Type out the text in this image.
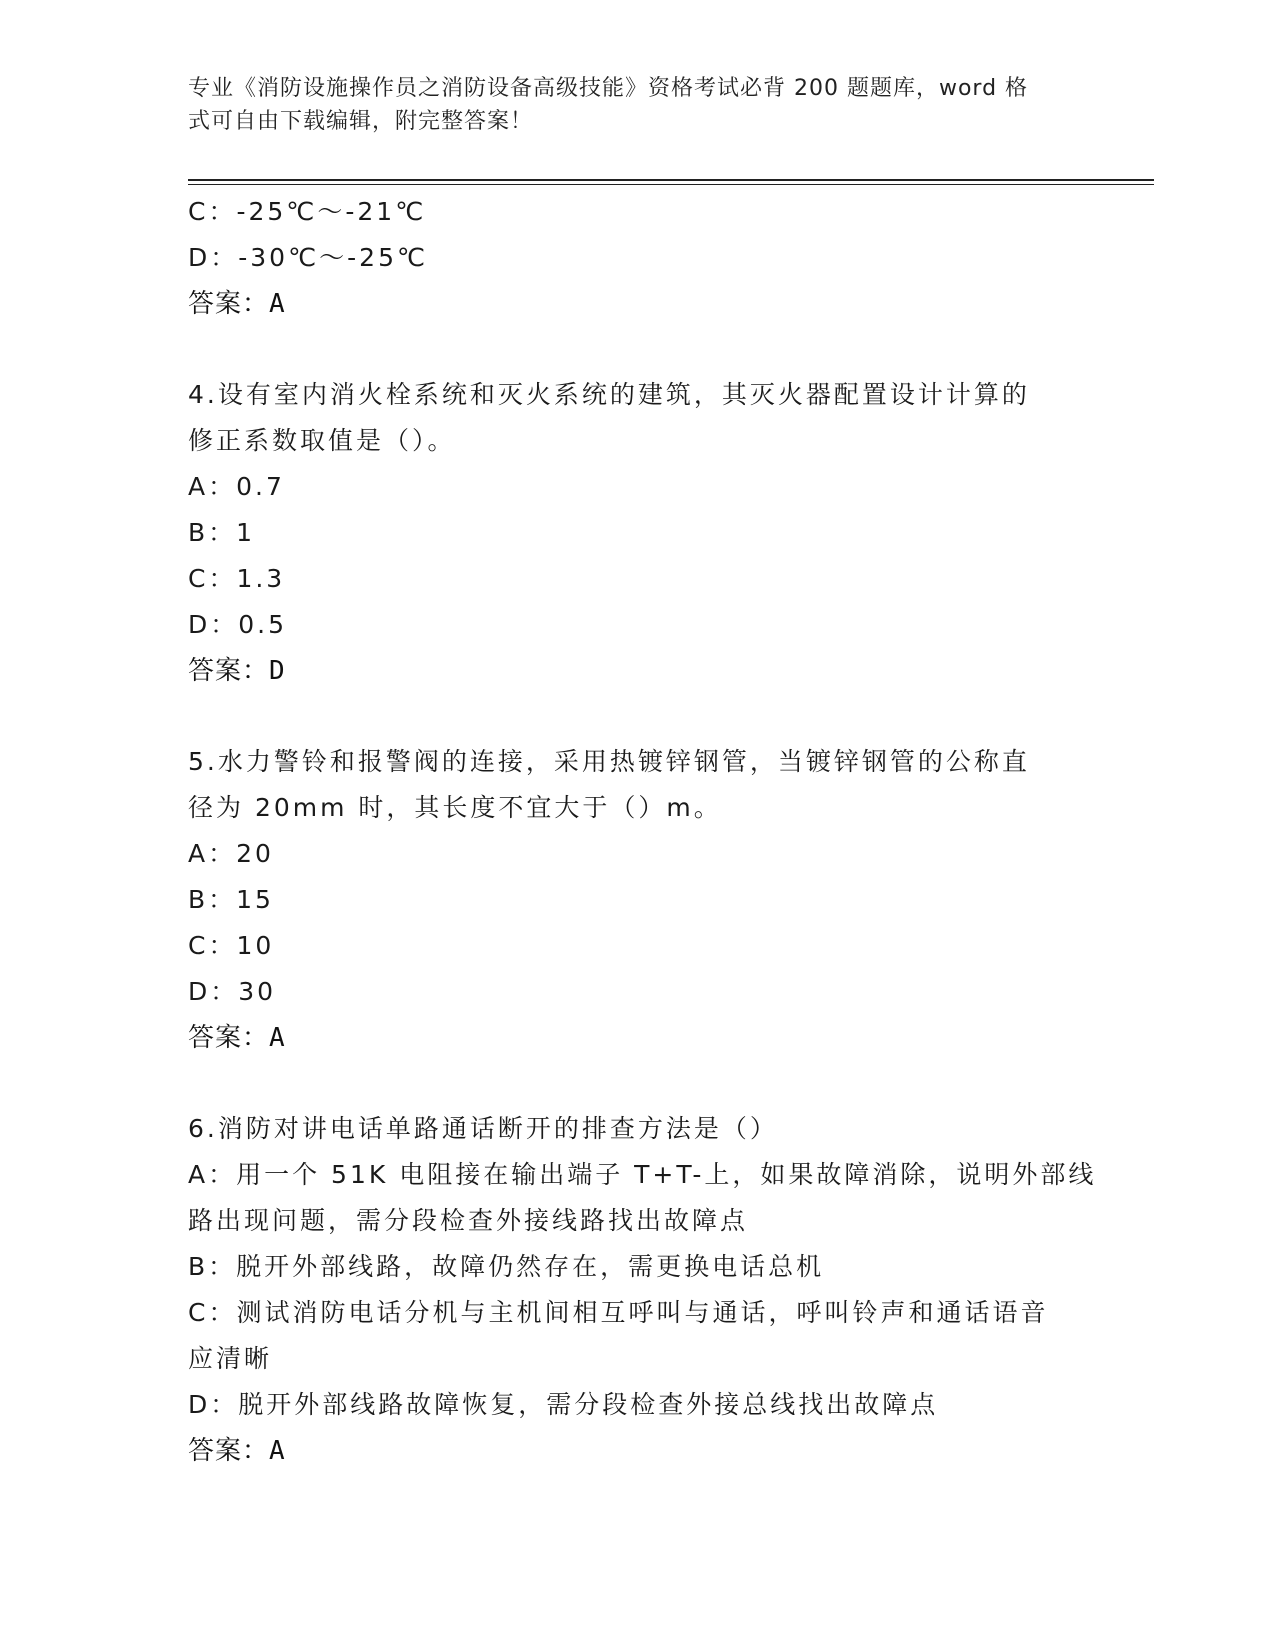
专业《消防设施操作员之消防设备高级技能》资格考试必背 200 题题库，word 格
式可自由下载编辑，附完整答案！
C：-25℃～-21℃
D：-30℃～-25℃
答案：A
4.设有室内消火栓系统和灭火系统的建筑，其灭火器配置设计计算的
修正系数取值是（）。
A：0.7
B：1
C：1.3
D：0.5
答案：D
5.水力警铃和报警阀的连接，采用热镀锌钢管，当镀锌钢管的公称直
径为 20mm 时，其长度不宜大于（）m。
A：20
B：15
C：10
D：30
答案：A
6.消防对讲电话单路通话断开的排查方法是（）
A：用一个 51K 电阻接在输出端子 T+T-上，如果故障消除，说明外部线
路出现问题，需分段检查外接线路找出故障点
B：脱开外部线路，故障仍然存在，需更换电话总机
C：测试消防电话分机与主机间相互呼叫与通话，呼叫铃声和通话语音
应清晰
D：脱开外部线路故障恢复，需分段检查外接总线找出故障点
答案：A
